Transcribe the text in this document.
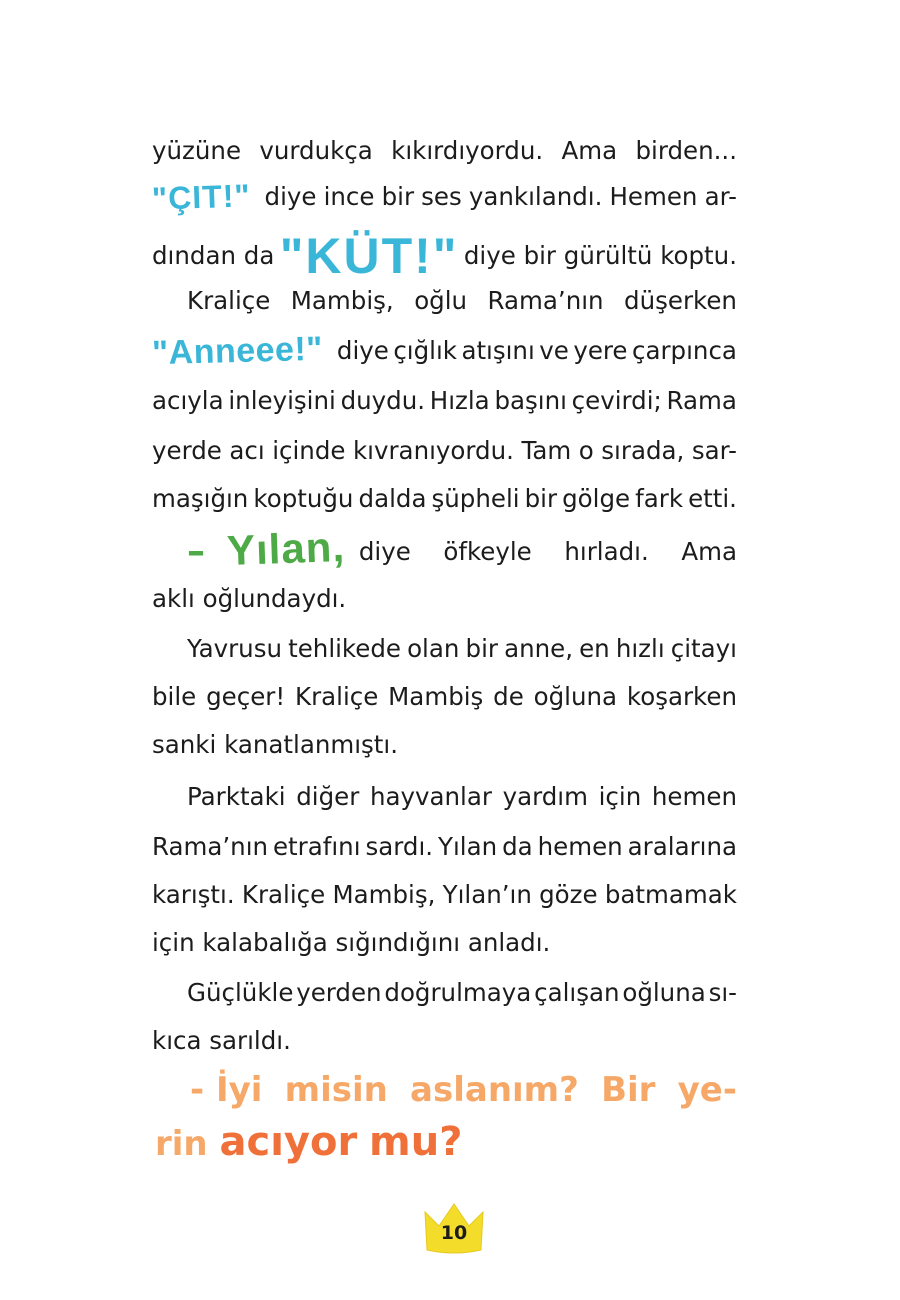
yüzüne vurdukça kıkırdıyordu. Ama birden...
"ÇIT!" diye ince bir ses yankılandı. Hemen ar-
dından da "KÜT!" diye bir gürültü koptu.
Kraliçe Mambiş, oğlu Rama’nın düşerken
"Anneee!" diye çığlık atışını ve yere çarpınca
acıyla inleyişini duydu. Hızla başını çevirdi; Rama
yerde acı içinde kıvranıyordu. Tam o sırada, sar-
maşığın koptuğu dalda şüpheli bir gölge fark etti.
– Yılan, diye öfkeyle hırladı. Ama
aklı oğlundaydı.
Yavrusu tehlikede olan bir anne, en hızlı çitayı
bile geçer! Kraliçe Mambiş de oğluna koşarken
sanki kanatlanmıştı.
Parktaki diğer hayvanlar yardım için hemen
Rama’nın etrafını sardı. Yılan da hemen aralarına
karıştı. Kraliçe Mambiş, Yılan’ın göze batmamak
için kalabalığa sığındığını anladı.
Güçlükle yerden doğrulmaya çalışan oğluna sı-
kıca sarıldı.
- İyi misin aslanım? Bir ye-
rin acıyor mu?
10
